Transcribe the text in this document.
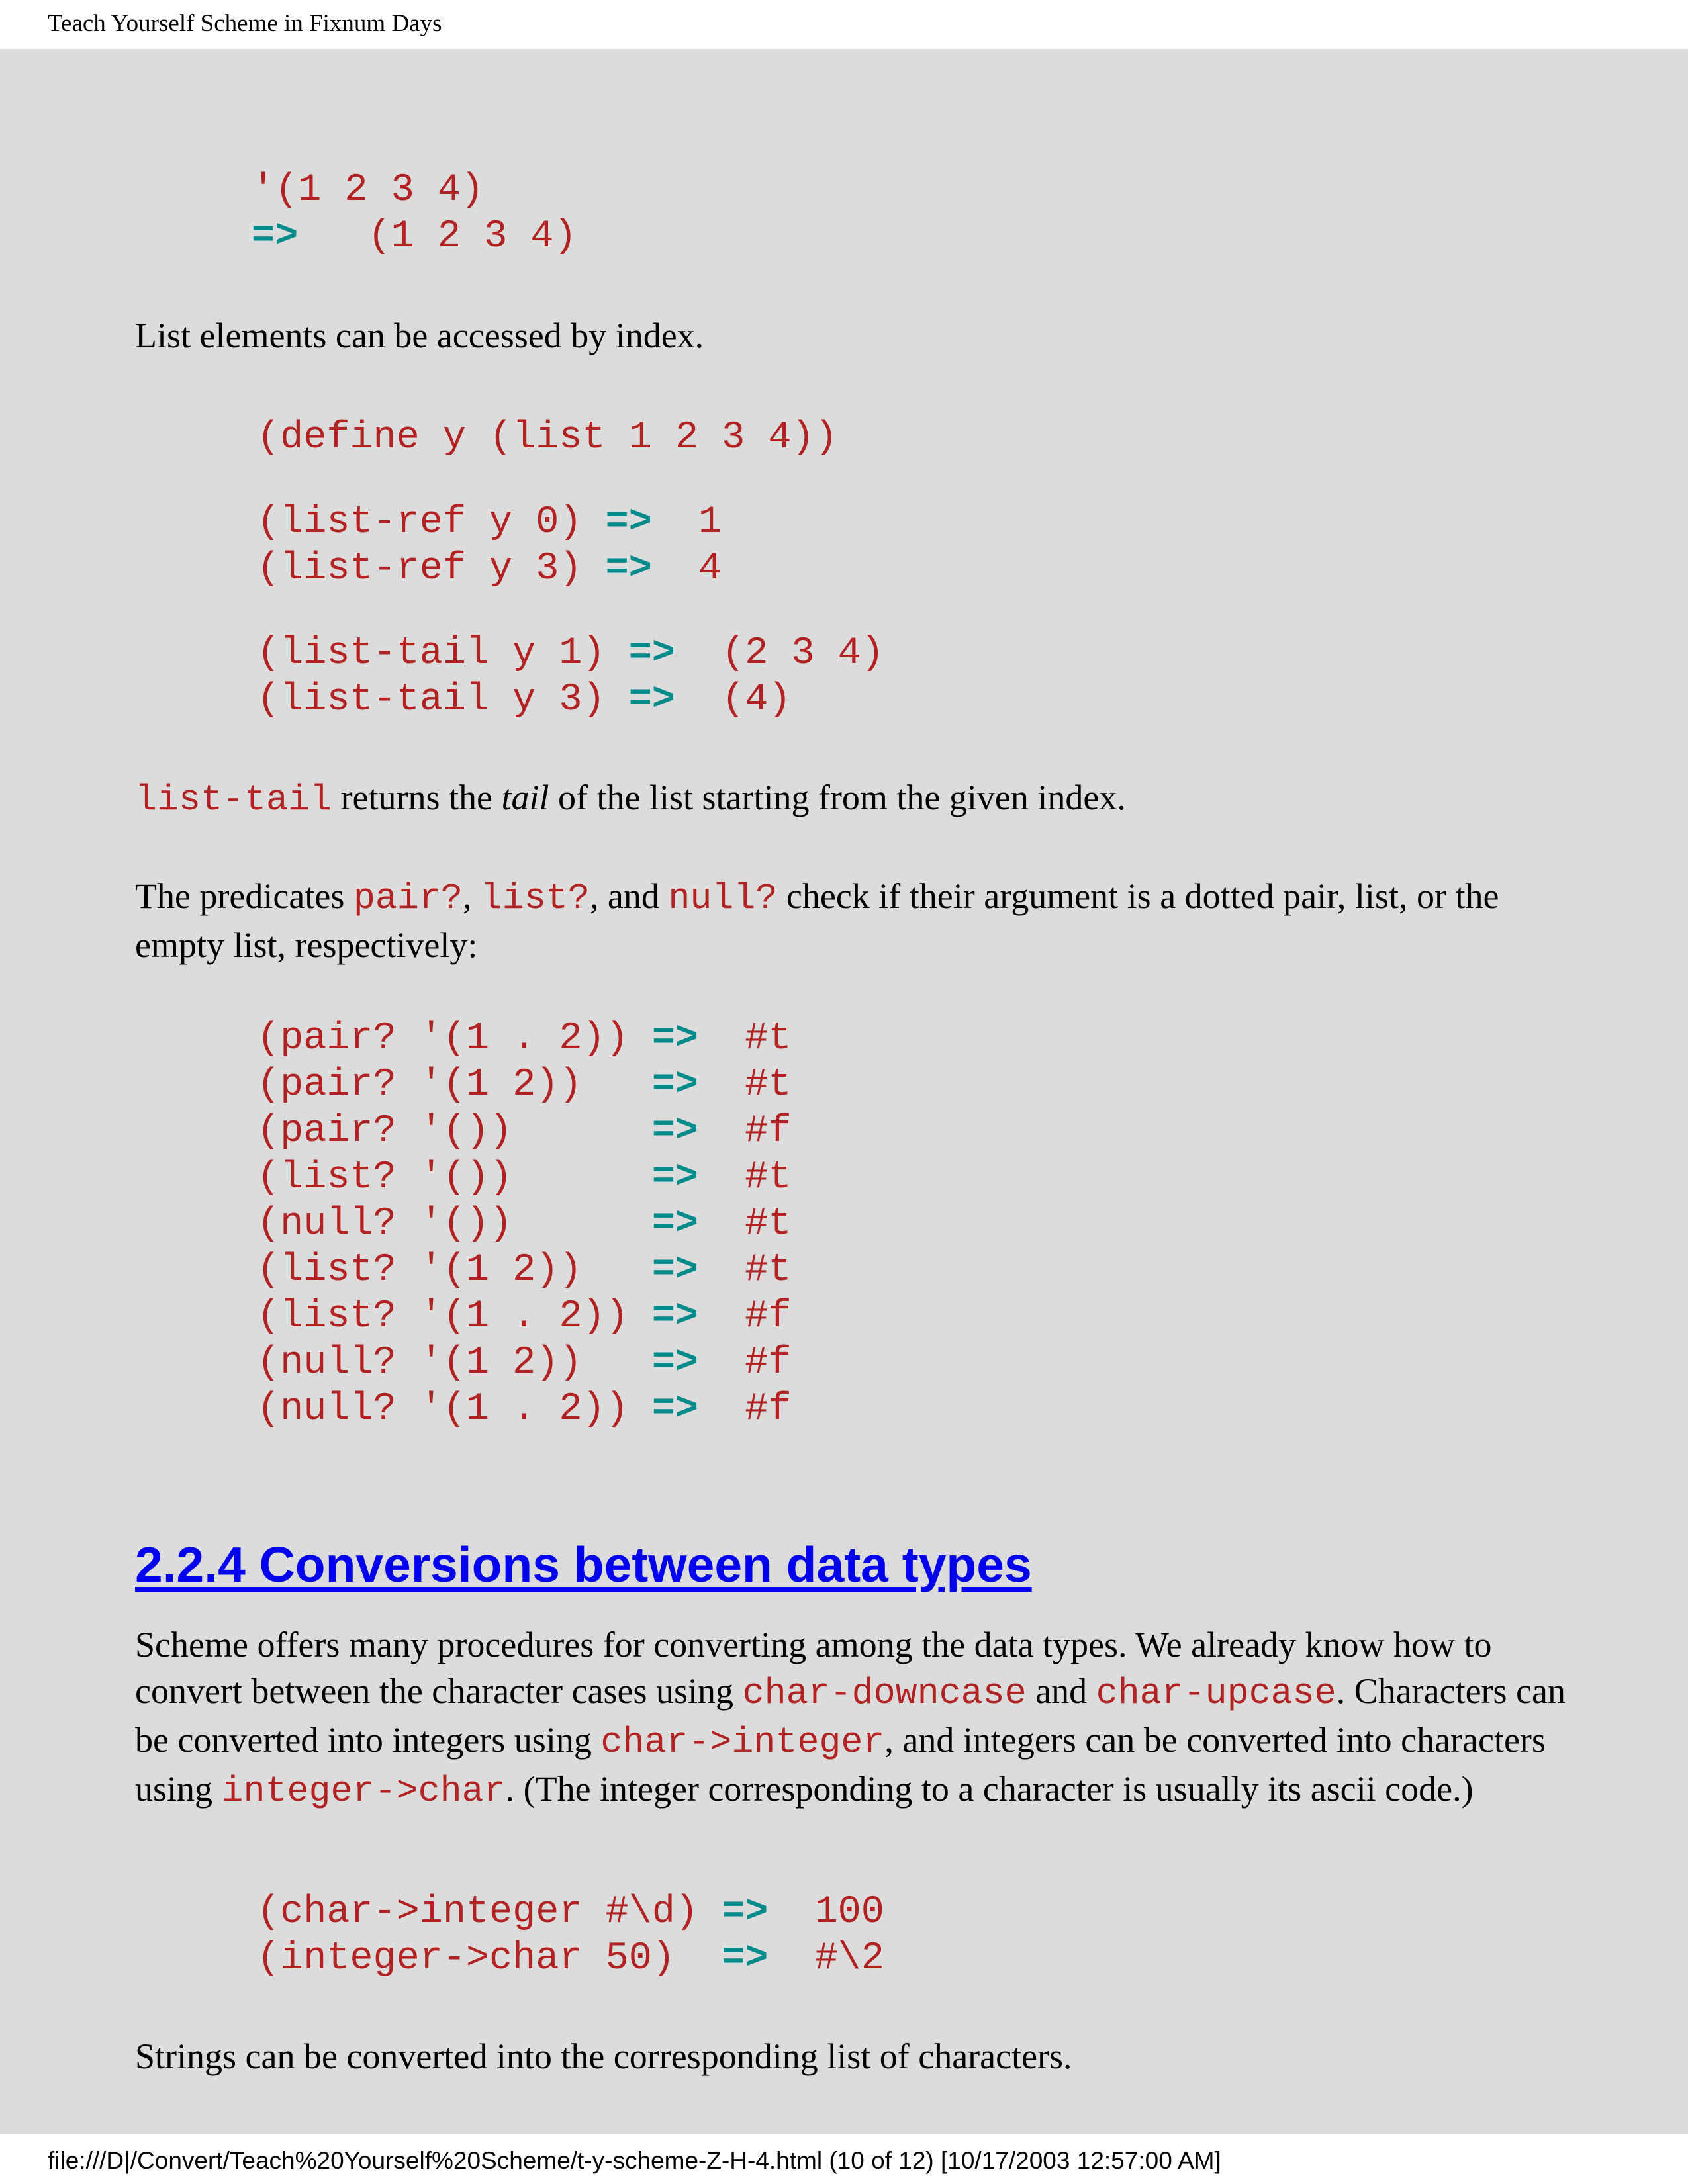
Teach Yourself Scheme in Fixnum Days
'(1 2 3 4)
=> (1 2 3 4)

List elements can be accessed by index.

(define y (list 1 2 3 4))
(list-ref y 0) => 1
(list-ref y 3) => 4
(list-tail y 1) => (2 3 4)
(list-tail y 3) => (4)

list-tail returns the tail of the list starting from the given index.

The predicates pair?, list?, and null? check if their argument is a dotted pair, list, or the empty list, respectively:

(pair? '(1 . 2)) => #t
(pair? '(1 2))   => #t
(pair? '())      => #f
(list? '())      => #t
(null? '())      => #t
(list? '(1 2))   => #t
(list? '(1 . 2)) => #f
(null? '(1 2))   => #f
(null? '(1 . 2)) => #f
2.2.4 Conversions between data types

Scheme offers many procedures for converting among the data types. We already know how to convert between the character cases using char-downcase and char-upcase. Characters can be converted into integers using char->integer, and integers can be converted into characters using integer->char. (The integer corresponding to a character is usually its ascii code.)

(char->integer #\d) => 100
(integer->char 50)  => #\2

Strings can be converted into the corresponding list of characters.

file:///D|/Convert/Teach%20Yourself%20Scheme/t-y-scheme-Z-H-4.html (10 of 12) [10/17/2003 12:57:00 AM]
